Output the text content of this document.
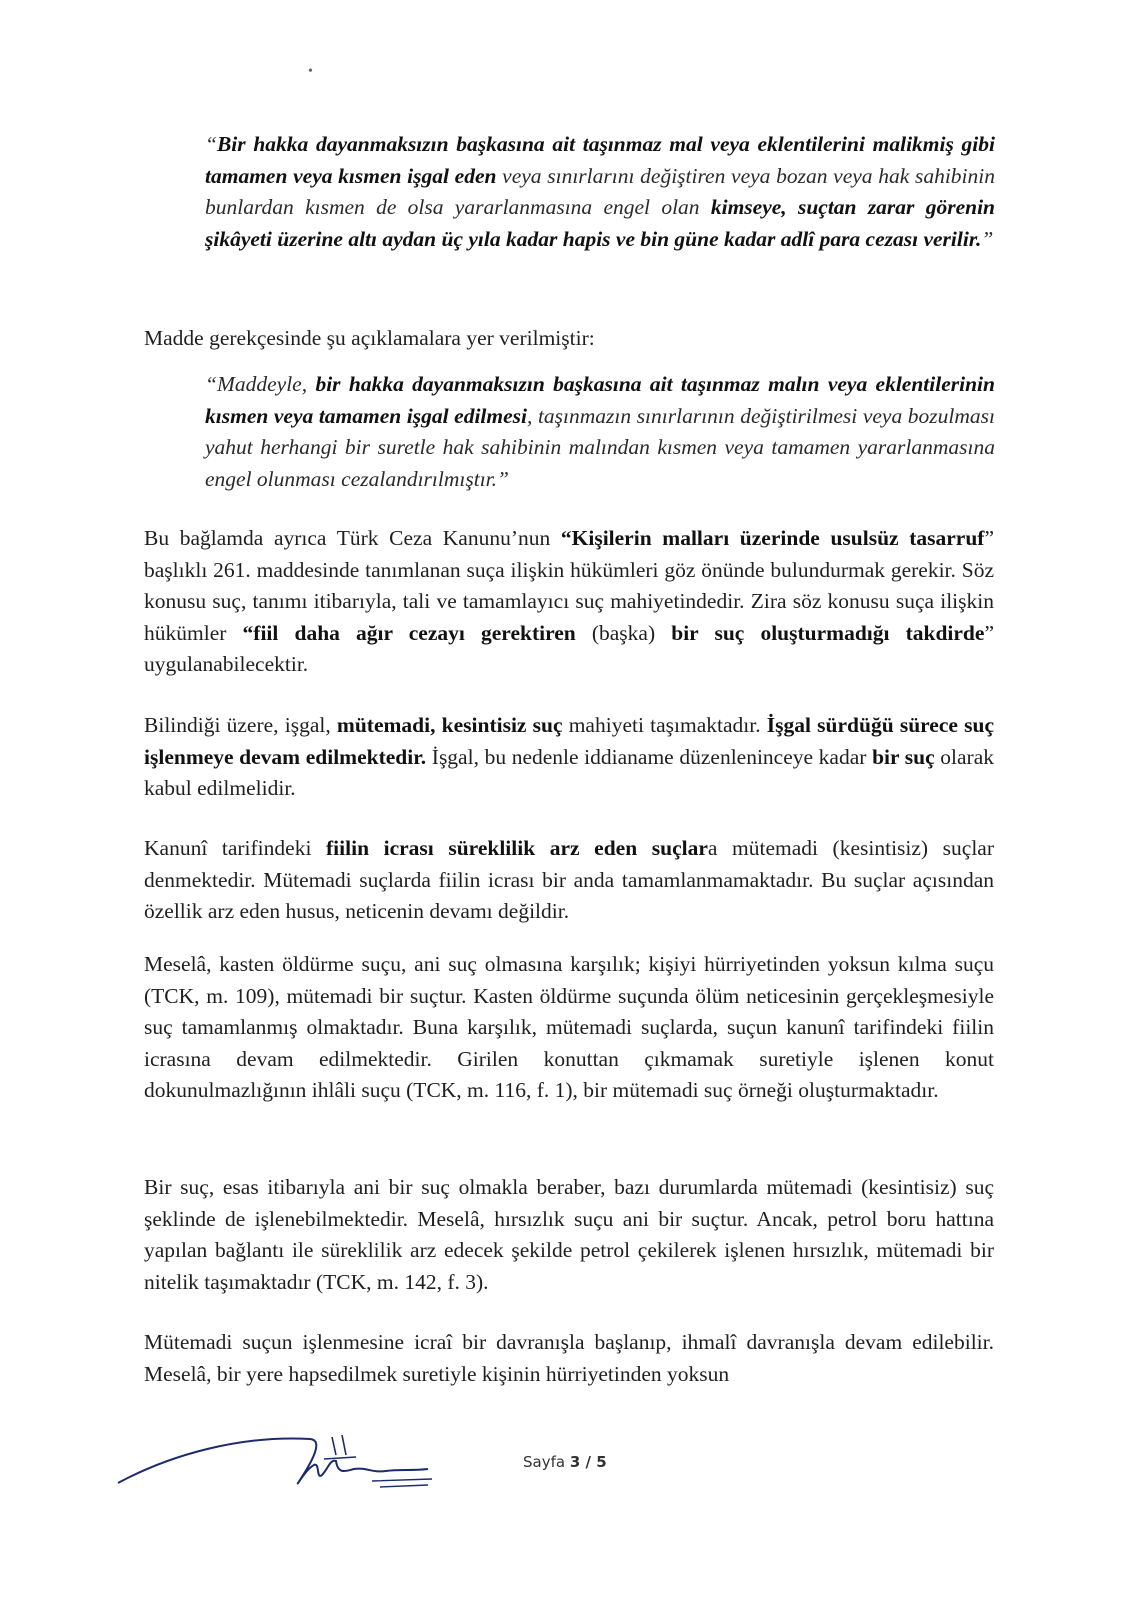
•

“Bir hakka dayanmaksızın başkasına ait taşınmaz mal veya eklentilerini malikmiş gibi tamamen veya kısmen işgal eden veya sınırlarını değiştiren veya bozan veya hak sahibinin bunlardan kısmen de olsa yararlanmasına engel olan kimseye, suçtan zarar görenin şikâyeti üzerine altı aydan üç yıla kadar hapis ve bin güne kadar adlî para cezası verilir.”

Madde gerekçesinde şu açıklamalara yer verilmiştir:

“Maddeyle, bir hakka dayanmaksızın başkasına ait taşınmaz malın veya eklentilerinin kısmen veya tamamen işgal edilmesi, taşınmazın sınırlarının değiştirilmesi veya bozulması yahut herhangi bir suretle hak sahibinin malından kısmen veya tamamen yararlanmasına engel olunması cezalandırılmıştır.”

Bu bağlamda ayrıca Türk Ceza Kanunu’nun “Kişilerin malları üzerinde usulsüz tasarruf” başlıklı 261. maddesinde tanımlanan suça ilişkin hükümleri göz önünde bulundurmak gerekir. Söz konusu suç, tanımı itibarıyla, tali ve tamamlayıcı suç mahiyetindedir. Zira söz konusu suça ilişkin hükümler “fiil daha ağır cezayı gerektiren (başka) bir suç oluşturmadığı takdirde” uygulanabilecektir.

Bilindiği üzere, işgal, mütemadi, kesintisiz suç mahiyeti taşımaktadır. İşgal sürdüğü sürece suç işlenmeye devam edilmektedir. İşgal, bu nedenle iddianame düzenleninceye kadar bir suç olarak kabul edilmelidir.

Kanunî tarifindeki fiilin icrası süreklilik arz eden suçlara mütemadi (kesintisiz) suçlar denmektedir. Mütemadi suçlarda fiilin icrası bir anda tamamlanmamaktadır. Bu suçlar açısından özellik arz eden husus, neticenin devamı değildir.

Meselâ, kasten öldürme suçu, ani suç olmasına karşılık; kişiyi hürriyetinden yoksun kılma suçu (TCK, m. 109), mütemadi bir suçtur. Kasten öldürme suçunda ölüm neticesinin gerçekleşmesiyle suç tamamlanmış olmaktadır. Buna karşılık, mütemadi suçlarda, suçun kanunî tarifindeki fiilin icrasına devam edilmektedir. Girilen konuttan çıkmamak suretiyle işlenen konut dokunulmazlığının ihlâli suçu (TCK, m. 116, f. 1), bir mütemadi suç örneği oluşturmaktadır.

Bir suç, esas itibarıyla ani bir suç olmakla beraber, bazı durumlarda mütemadi (kesintisiz) suç şeklinde de işlenebilmektedir. Meselâ, hırsızlık suçu ani bir suçtur. Ancak, petrol boru hattına yapılan bağlantı ile süreklilik arz edecek şekilde petrol çekilerek işlenen hırsızlık, mütemadi bir nitelik taşımaktadır (TCK, m. 142, f. 3).

Mütemadi suçun işlenmesine icraî bir davranışla başlanıp, ihmalî davranışla devam edilebilir. Meselâ, bir yere hapsedilmek suretiyle kişinin hürriyetinden yoksun

Sayfa 3 / 5
